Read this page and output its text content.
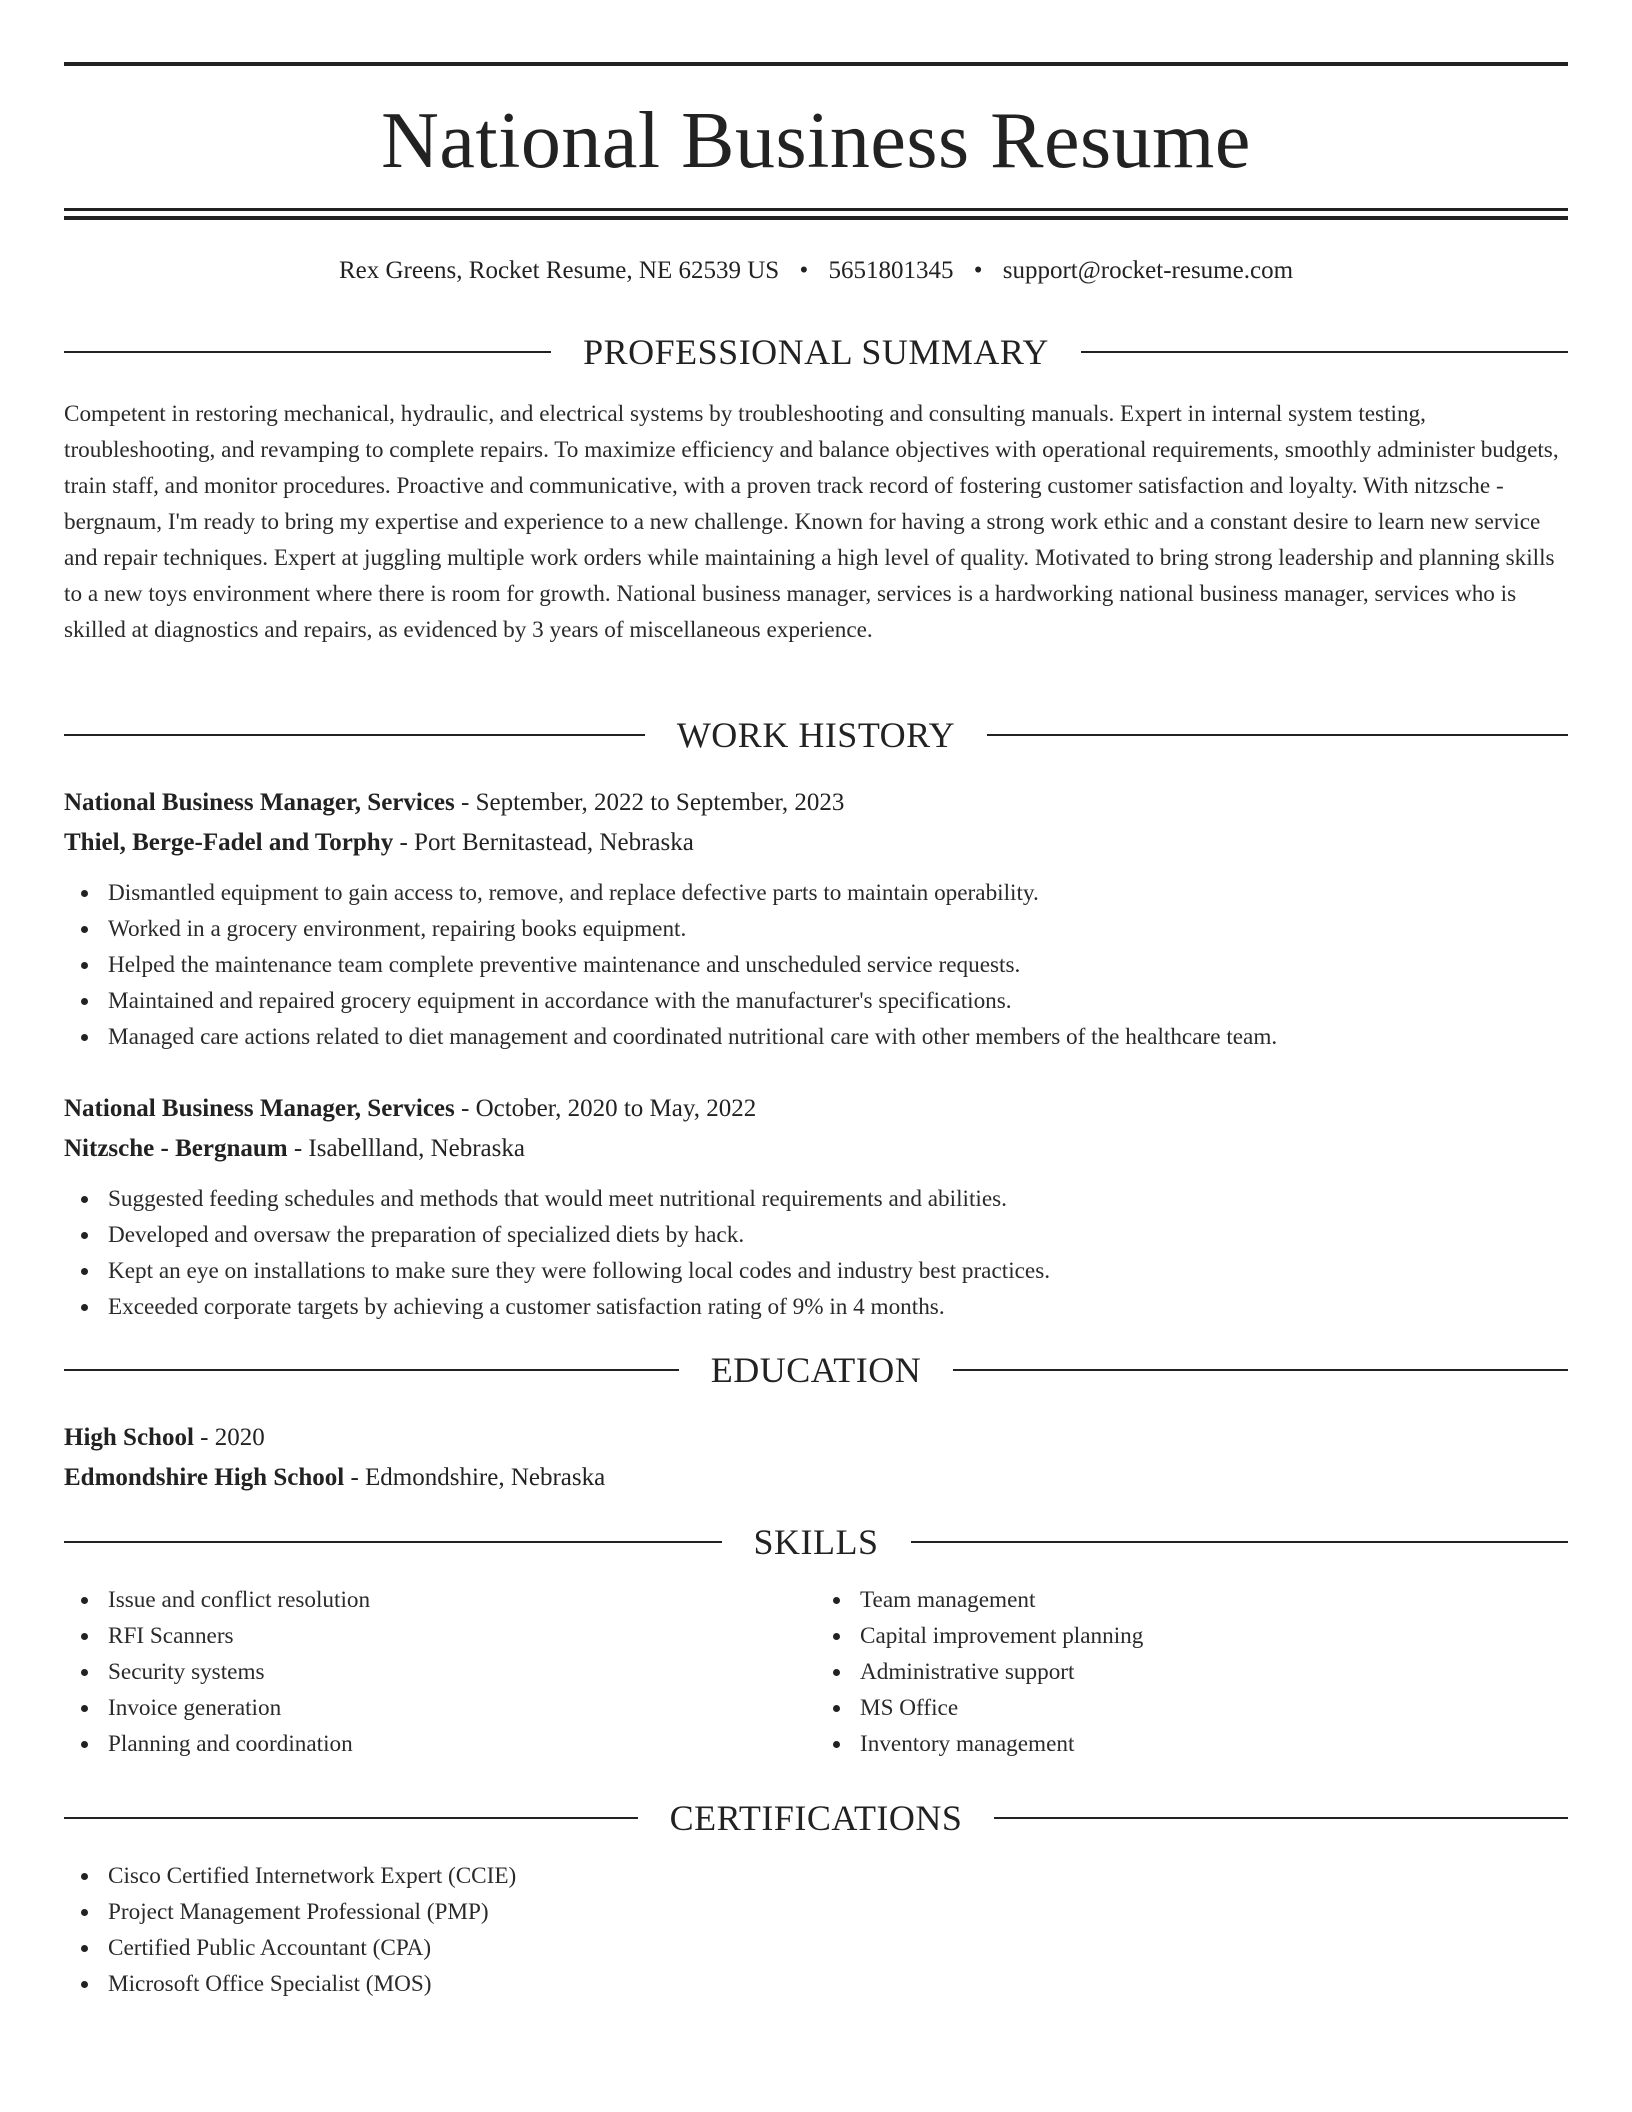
National Business Resume
Rex Greens, Rocket Resume, NE 62539 US • 5651801345 • support@rocket-resume.com
PROFESSIONAL SUMMARY
Competent in restoring mechanical, hydraulic, and electrical systems by troubleshooting and consulting manuals. Expert in internal system testing, troubleshooting, and revamping to complete repairs. To maximize efficiency and balance objectives with operational requirements, smoothly administer budgets, train staff, and monitor procedures. Proactive and communicative, with a proven track record of fostering customer satisfaction and loyalty. With nitzsche - bergnaum, I'm ready to bring my expertise and experience to a new challenge. Known for having a strong work ethic and a constant desire to learn new service and repair techniques. Expert at juggling multiple work orders while maintaining a high level of quality. Motivated to bring strong leadership and planning skills to a new toys environment where there is room for growth. National business manager, services is a hardworking national business manager, services who is skilled at diagnostics and repairs, as evidenced by 3 years of miscellaneous experience.
WORK HISTORY
National Business Manager, Services - September, 2022 to September, 2023
Thiel, Berge-Fadel and Torphy - Port Bernitastead, Nebraska
Dismantled equipment to gain access to, remove, and replace defective parts to maintain operability.
Worked in a grocery environment, repairing books equipment.
Helped the maintenance team complete preventive maintenance and unscheduled service requests.
Maintained and repaired grocery equipment in accordance with the manufacturer's specifications.
Managed care actions related to diet management and coordinated nutritional care with other members of the healthcare team.
National Business Manager, Services - October, 2020 to May, 2022
Nitzsche - Bergnaum - Isabellland, Nebraska
Suggested feeding schedules and methods that would meet nutritional requirements and abilities.
Developed and oversaw the preparation of specialized diets by hack.
Kept an eye on installations to make sure they were following local codes and industry best practices.
Exceeded corporate targets by achieving a customer satisfaction rating of 9% in 4 months.
EDUCATION
High School - 2020
Edmondshire High School - Edmondshire, Nebraska
SKILLS
Issue and conflict resolution
RFI Scanners
Security systems
Invoice generation
Planning and coordination
Team management
Capital improvement planning
Administrative support
MS Office
Inventory management
CERTIFICATIONS
Cisco Certified Internetwork Expert (CCIE)
Project Management Professional (PMP)
Certified Public Accountant (CPA)
Microsoft Office Specialist (MOS)
